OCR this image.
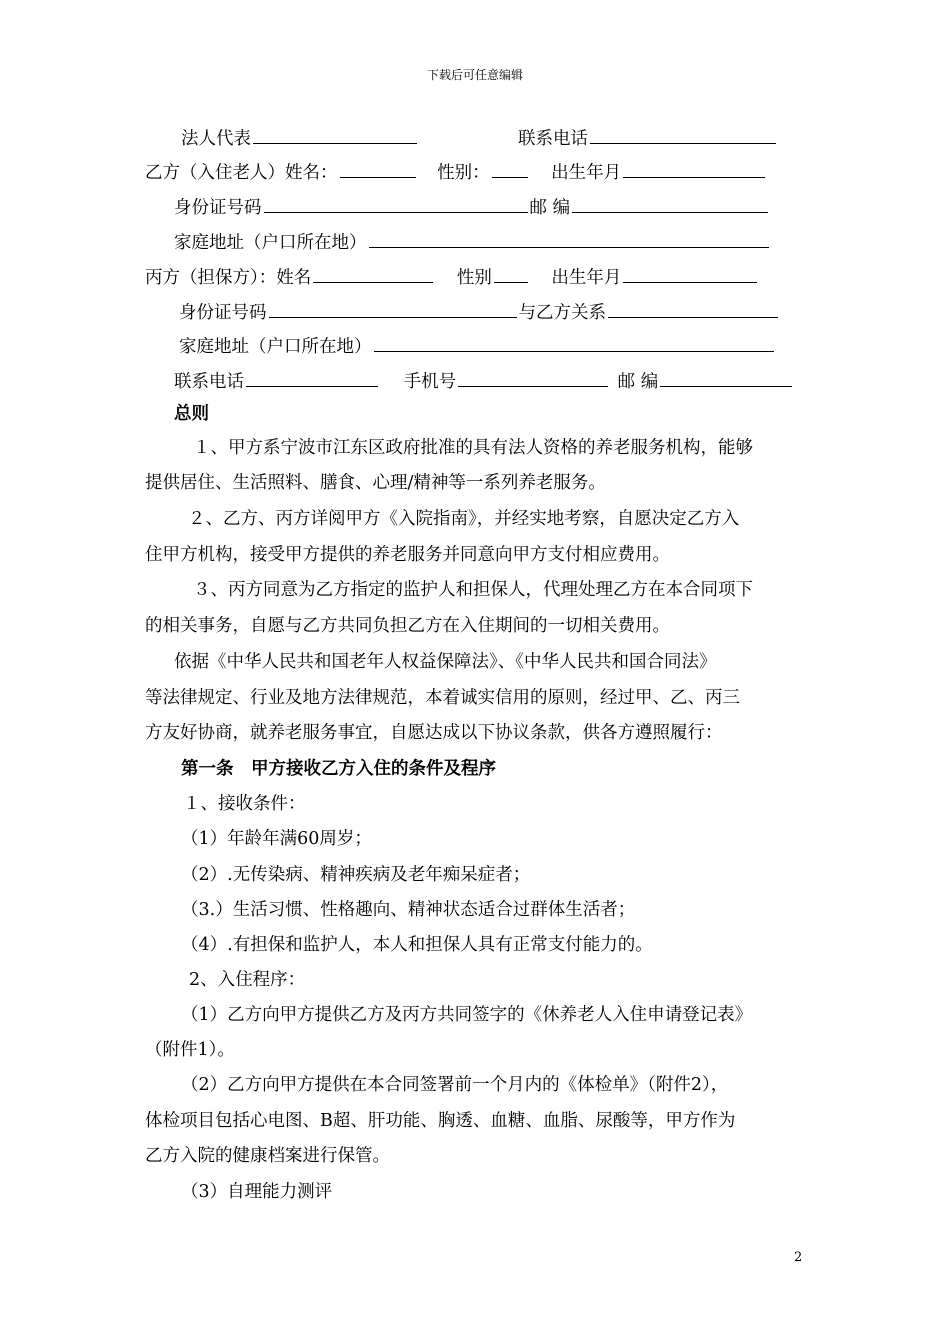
下载后可任意编辑
法人代表	联系电话
乙方（入住老人）姓名：	性别：	出生年月
身份证号码	邮 编
家庭地址（户口所在地）
丙方（担保方）：姓名	性别	出生年月
身份证号码	与乙方关系
家庭地址（户口所在地）
联系电话	手机号	邮 编
总则
１、甲方系宁波市江东区政府批准的具有法人资格的养老服务机构，能够
提供居住、生活照料、膳食、心理/精神等一系列养老服务。
２、乙方、丙方详阅甲方《入院指南》，并经实地考察，自愿决定乙方入
住甲方机构，接受甲方提供的养老服务并同意向甲方支付相应费用。
３、丙方同意为乙方指定的监护人和担保人，代理处理乙方在本合同项下
的相关事务，自愿与乙方共同负担乙方在入住期间的一切相关费用。
依据《中华人民共和国老年人权益保障法》、《中华人民共和国合同法》
等法律规定、行业及地方法律规范，本着诚实信用的原则，经过甲、乙、丙三
方友好协商，就养老服务事宜，自愿达成以下协议条款，供各方遵照履行：
第一条　甲方接收乙方入住的条件及程序
１、接收条件：
（1）年龄年满60周岁；
（2）.无传染病、精神疾病及老年痴呆症者；
（3.）生活习惯、性格趣向、精神状态适合过群体生活者；
（4）.有担保和监护人，本人和担保人具有正常支付能力的。
2、入住程序：
（1）乙方向甲方提供乙方及丙方共同签字的《休养老人入住申请登记表》
（附件1）。
（2）乙方向甲方提供在本合同签署前一个月内的《体检单》（附件2），
体检项目包括心电图、B超、肝功能、胸透、血糖、血脂、尿酸等，甲方作为
乙方入院的健康档案进行保管。
（3）自理能力测评
2
